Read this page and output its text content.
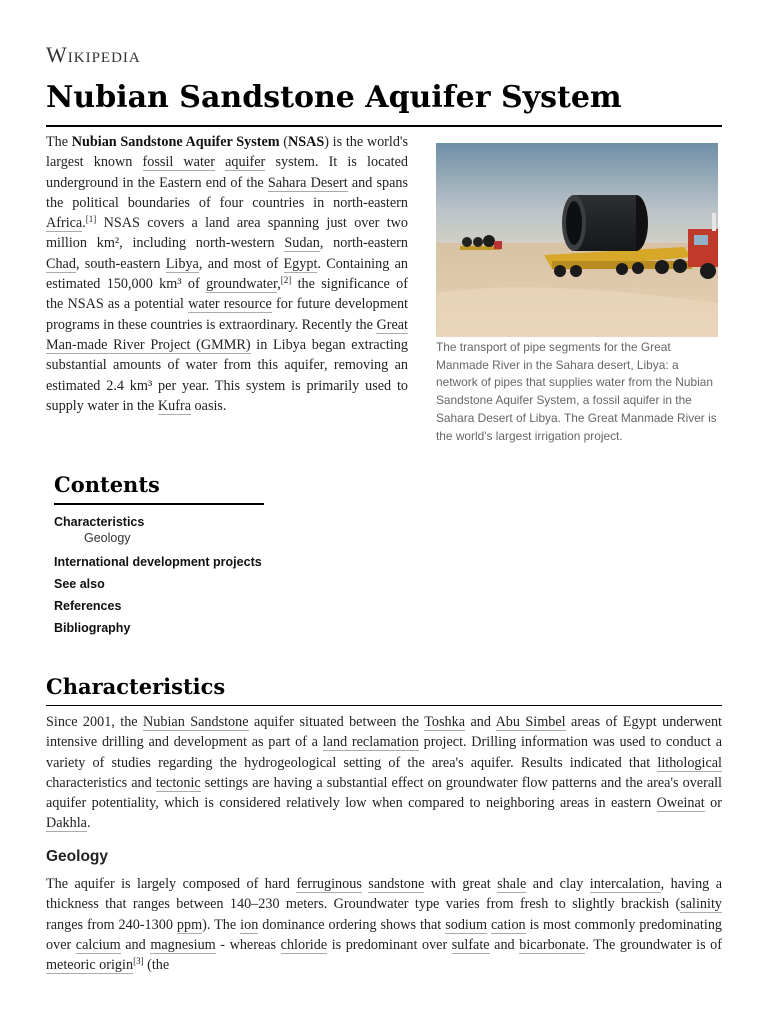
Wikipedia
Nubian Sandstone Aquifer System

The Nubian Sandstone Aquifer System (NSAS) is the world's largest known fossil water aquifer system. It is located underground in the Eastern end of the Sahara Desert and spans the political boundaries of four countries in north-eastern Africa.[1] NSAS covers a land area spanning just over two million km², including north-western Sudan, north-eastern Chad, south-eastern Libya, and most of Egypt. Containing an estimated 150,000 km³ of groundwater,[2] the significance of the NSAS as a potential water resource for future development programs in these countries is extraordinary. Recently the Great Man-made River Project (GMMR) in Libya began extracting substantial amounts of water from this aquifer, removing an estimated 2.4 km³ per year. This system is primarily used to supply water in the Kufra oasis.

The transport of pipe segments for the Great Manmade River in the Sahara desert, Libya: a network of pipes that supplies water from the Nubian Sandstone Aquifer System, a fossil aquifer in the Sahara Desert of Libya. The Great Manmade River is the world's largest irrigation project.
Contents
Characteristics
Geology
International development projects
See also
References
Bibliography
Characteristics

Since 2001, the Nubian Sandstone aquifer situated between the Toshka and Abu Simbel areas of Egypt underwent intensive drilling and development as part of a land reclamation project. Drilling information was used to conduct a variety of studies regarding the hydrogeological setting of the area's aquifer. Results indicated that lithological characteristics and tectonic settings are having a substantial effect on groundwater flow patterns and the area's overall aquifer potentiality, which is considered relatively low when compared to neighboring areas in eastern Oweinat or Dakhla.

Geology

The aquifer is largely composed of hard ferruginous sandstone with great shale and clay intercalation, having a thickness that ranges between 140–230 meters. Groundwater type varies from fresh to slightly brackish (salinity ranges from 240-1300 ppm). The ion dominance ordering shows that sodium cation is most commonly predominating over calcium and magnesium - whereas chloride is predominant over sulfate and bicarbonate. The groundwater is of meteoric origin[3] (the
